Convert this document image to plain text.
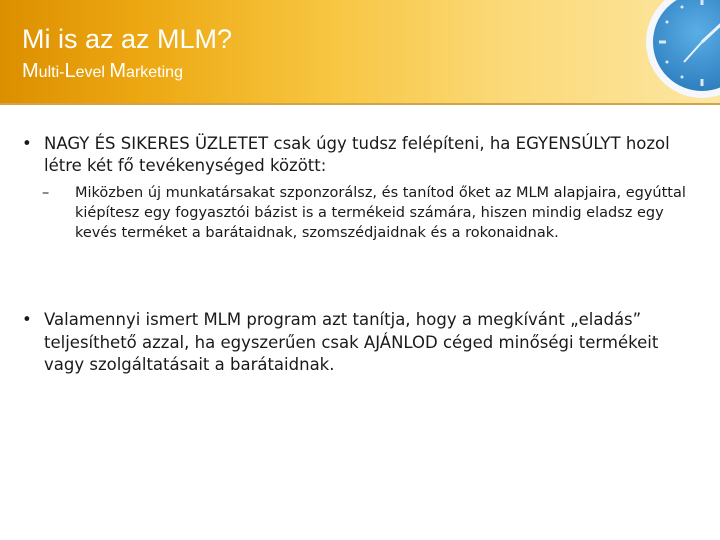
Mi is az az MLM?
Multi-Level Marketing
• NAGY ÉS SIKERES ÜZLETET csak úgy tudsz felépíteni, ha EGYENSÚLYT hozol létre két fő tevékenységed között:
–	Miközben új munkatársakat szponzorálsz, és tanítod őket az MLM alapjaira, egyúttal kiépítesz egy fogyasztói bázist is a termékeid számára, hiszen mindig eladsz egy kevés terméket a barátaidnak, szomszédjaidnak és a rokonaidnak.
• Valamennyi ismert MLM program azt tanítja, hogy a megkívánt „eladás” teljesíthető azzal, ha egyszerűen csak AJÁNLOD céged minőségi termékeit vagy szolgáltatásait a barátaidnak.
